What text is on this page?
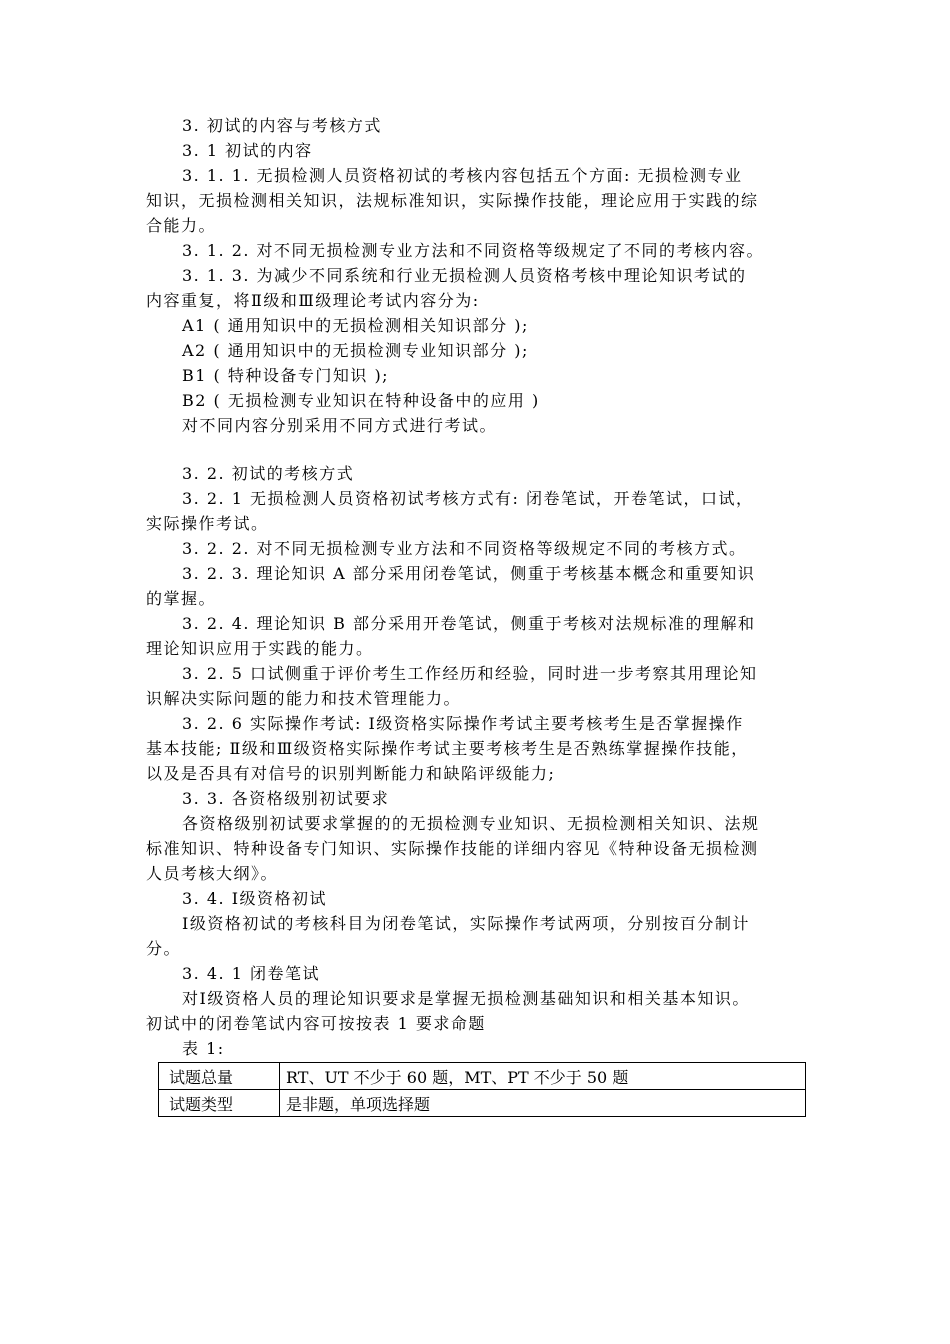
3. 初试的内容与考核方式
3. 1 初试的内容
3. 1. 1. 无损检测人员资格初试的考核内容包括五个方面: 无损检测专业
知识，无损检测相关知识，法规标准知识，实际操作技能，理论应用于实践的综
合能力。
3. 1. 2. 对不同无损检测专业方法和不同资格等级规定了不同的考核内容。
3. 1. 3. 为减少不同系统和行业无损检测人员资格考核中理论知识考试的
内容重复，将Ⅱ级和Ⅲ级理论考试内容分为:
A1 ( 通用知识中的无损检测相关知识部分 );
A2 ( 通用知识中的无损检测专业知识部分 );
B1 ( 特种设备专门知识 );
B2 ( 无损检测专业知识在特种设备中的应用 )
对不同内容分别采用不同方式进行考试。
3. 2. 初试的考核方式
3. 2. 1 无损检测人员资格初试考核方式有: 闭卷笔试，开卷笔试，口试，
实际操作考试。
3. 2. 2. 对不同无损检测专业方法和不同资格等级规定不同的考核方式。
3. 2. 3. 理论知识 A 部分采用闭卷笔试，侧重于考核基本概念和重要知识
的掌握。
3. 2. 4. 理论知识 B 部分采用开卷笔试，侧重于考核对法规标准的理解和
理论知识应用于实践的能力。
3. 2. 5 口试侧重于评价考生工作经历和经验，同时进一步考察其用理论知
识解决实际问题的能力和技术管理能力。
3. 2. 6 实际操作考试: Ⅰ级资格实际操作考试主要考核考生是否掌握操作
基本技能; Ⅱ级和Ⅲ级资格实际操作考试主要考核考生是否熟练掌握操作技能，
以及是否具有对信号的识别判断能力和缺陷评级能力;
3. 3. 各资格级别初试要求
各资格级别初试要求掌握的的无损检测专业知识、无损检测相关知识、法规
标准知识、特种设备专门知识、实际操作技能的详细内容见《特种设备无损检测
人员考核大纲》。
3. 4. Ⅰ级资格初试
Ⅰ级资格初试的考核科目为闭卷笔试，实际操作考试两项，分别按百分制计
分。
3. 4. 1 闭卷笔试
对Ⅰ级资格人员的理论知识要求是掌握无损检测基础知识和相关基本知识。
初试中的闭卷笔试内容可按按表 1 要求命题
表 1:
试题总量	RT、UT 不少于 60 题，MT、PT 不少于 50 题
试题类型	是非题，单项选择题
